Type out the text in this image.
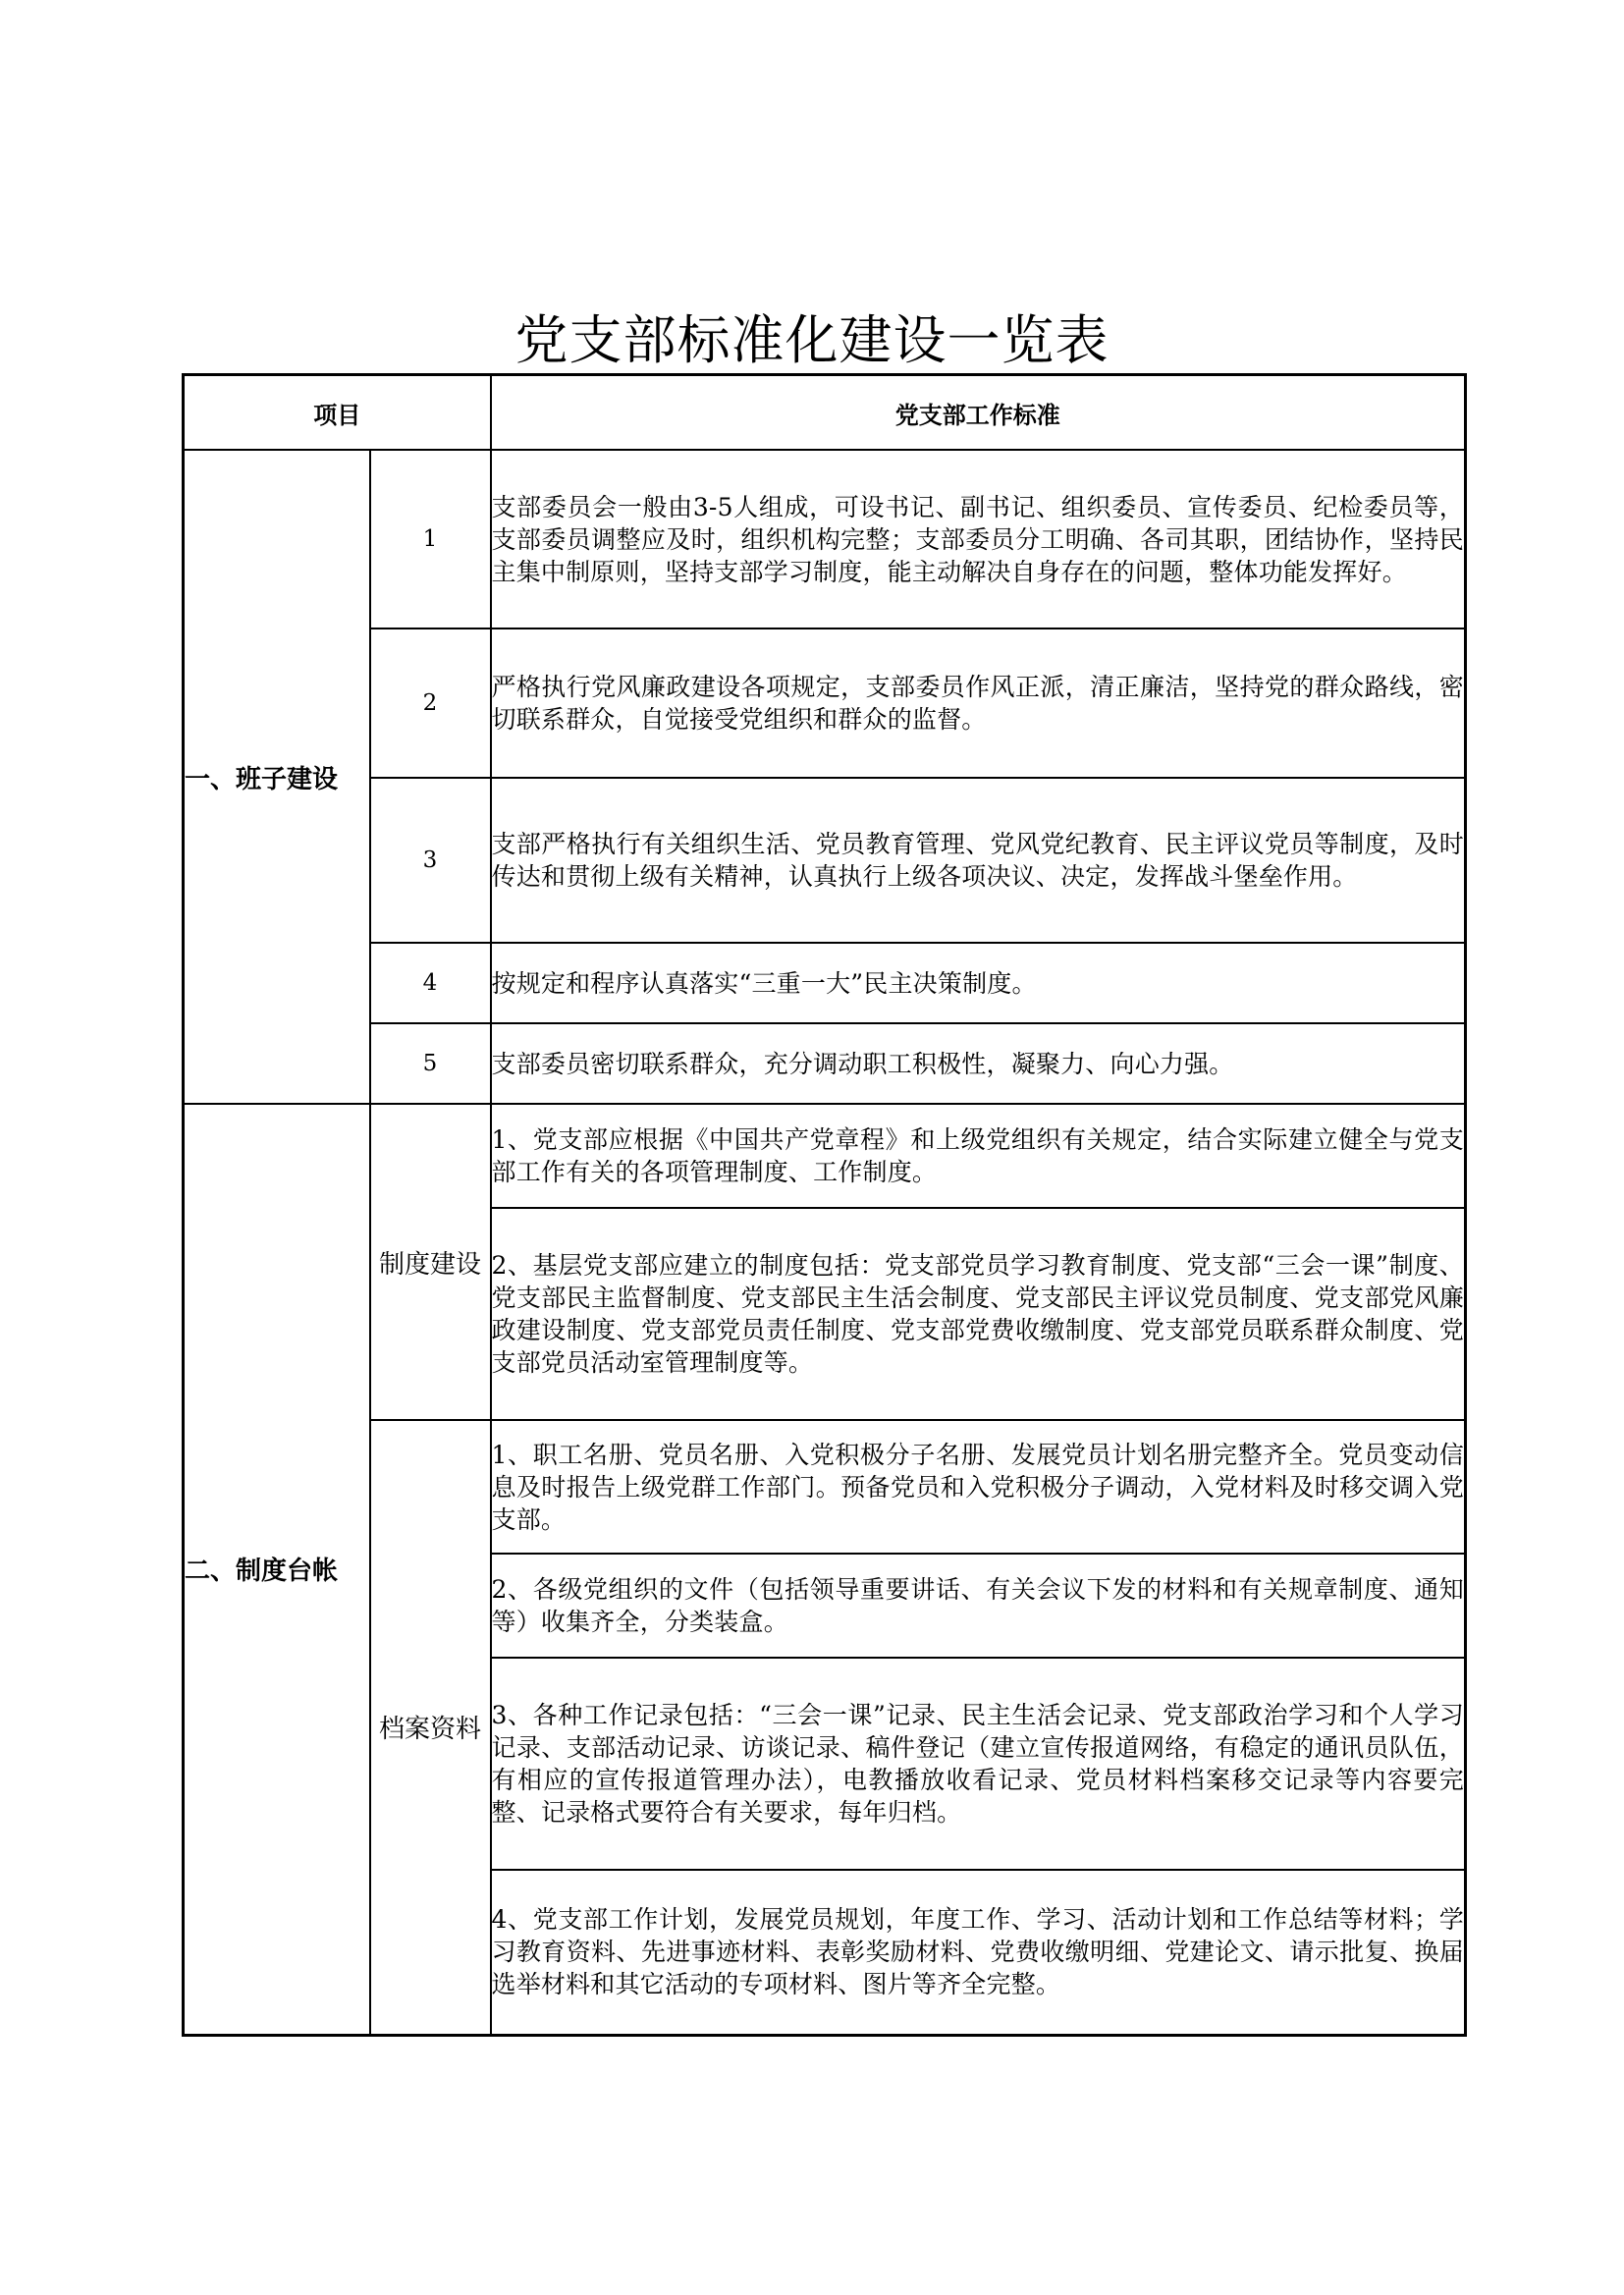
党支部标准化建设一览表
项目		党支部工作标准
一、班子建设	1	支部委员会一般由3-5人组成，可设书记、副书记、组织委员、宣传委员、纪检委员等，支部委员调整应及时，组织机构完整；支部委员分工明确、各司其职，团结协作，坚持民主集中制原则，坚持支部学习制度，能主动解决自身存在的问题，整体功能发挥好。
	2	严格执行党风廉政建设各项规定，支部委员作风正派，清正廉洁，坚持党的群众路线，密切联系群众，自觉接受党组织和群众的监督。
	3	支部严格执行有关组织生活、党员教育管理、党风党纪教育、民主评议党员等制度，及时传达和贯彻上级有关精神，认真执行上级各项决议、决定，发挥战斗堡垒作用。
	4	按规定和程序认真落实“三重一大”民主决策制度。
	5	支部委员密切联系群众，充分调动职工积极性，凝聚力、向心力强。
二、制度台帐	制度建设	1、党支部应根据《中国共产党章程》和上级党组织有关规定，结合实际建立健全与党支部工作有关的各项管理制度、工作制度。
		2、基层党支部应建立的制度包括：党支部党员学习教育制度、党支部“三会一课”制度、党支部民主监督制度、党支部民主生活会制度、党支部民主评议党员制度、党支部党风廉政建设制度、党支部党员责任制度、党支部党费收缴制度、党支部党员联系群众制度、党支部党员活动室管理制度等。
	档案资料	1、职工名册、党员名册、入党积极分子名册、发展党员计划名册完整齐全。党员变动信息及时报告上级党群工作部门。预备党员和入党积极分子调动，入党材料及时移交调入党支部。
		2、各级党组织的文件（包括领导重要讲话、有关会议下发的材料和有关规章制度、通知等）收集齐全，分类装盒。
		3、各种工作记录包括：“三会一课”记录、民主生活会记录、党支部政治学习和个人学习记录、支部活动记录、访谈记录、稿件登记（建立宣传报道网络，有稳定的通讯员队伍，有相应的宣传报道管理办法），电教播放收看记录、党员材料档案移交记录等内容要完整、记录格式要符合有关要求，每年归档。
		4、党支部工作计划，发展党员规划，年度工作、学习、活动计划和工作总结等材料；学习教育资料、先进事迹材料、表彰奖励材料、党费收缴明细、党建论文、请示批复、换届选举材料和其它活动的专项材料、图片等齐全完整。
